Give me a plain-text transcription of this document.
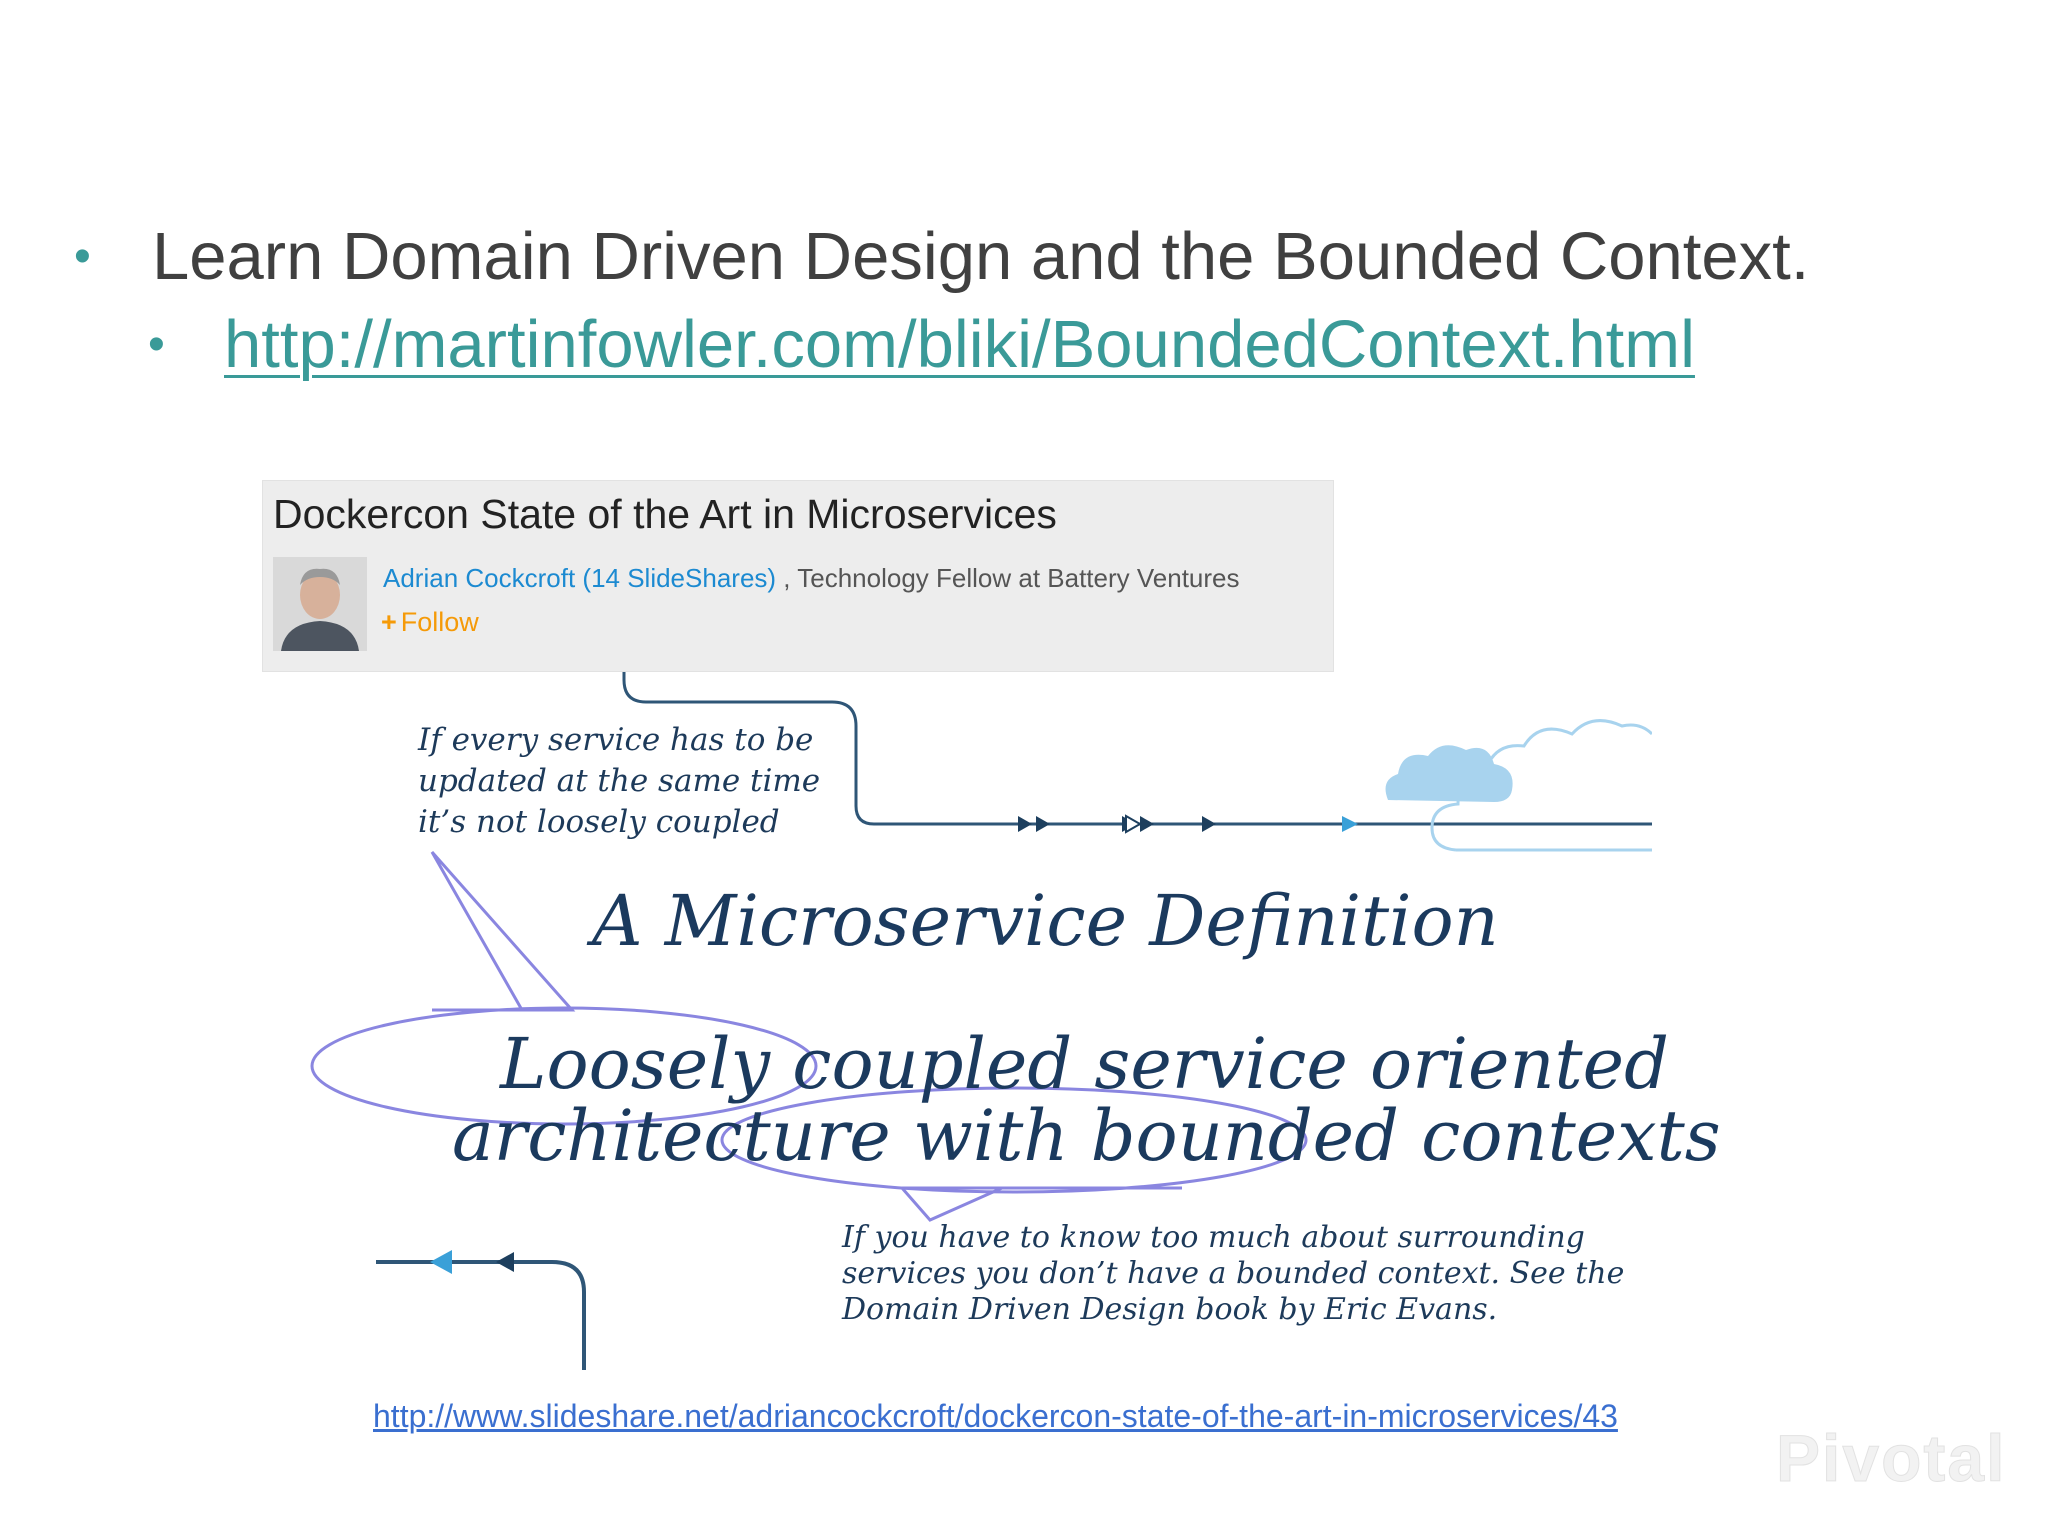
• Learn Domain Driven Design and the Bounded Context.
• http://martinfowler.com/bliki/BoundedContext.html
Dockercon State of the Art in Microservices
Adrian Cockcroft (14 SlideShares) , Technology Fellow at Battery Ventures
+ Follow
If every service has to be
updated at the same time
it’s not loosely coupled
A Microservice Definition
Loosely coupled service oriented
architecture with bounded contexts
If you have to know too much about surrounding
services you don’t have a bounded context. See the
Domain Driven Design book by Eric Evans.
http://www.slideshare.net/adriancockcroft/dockercon-state-of-the-art-in-microservices/43
Pivotal
